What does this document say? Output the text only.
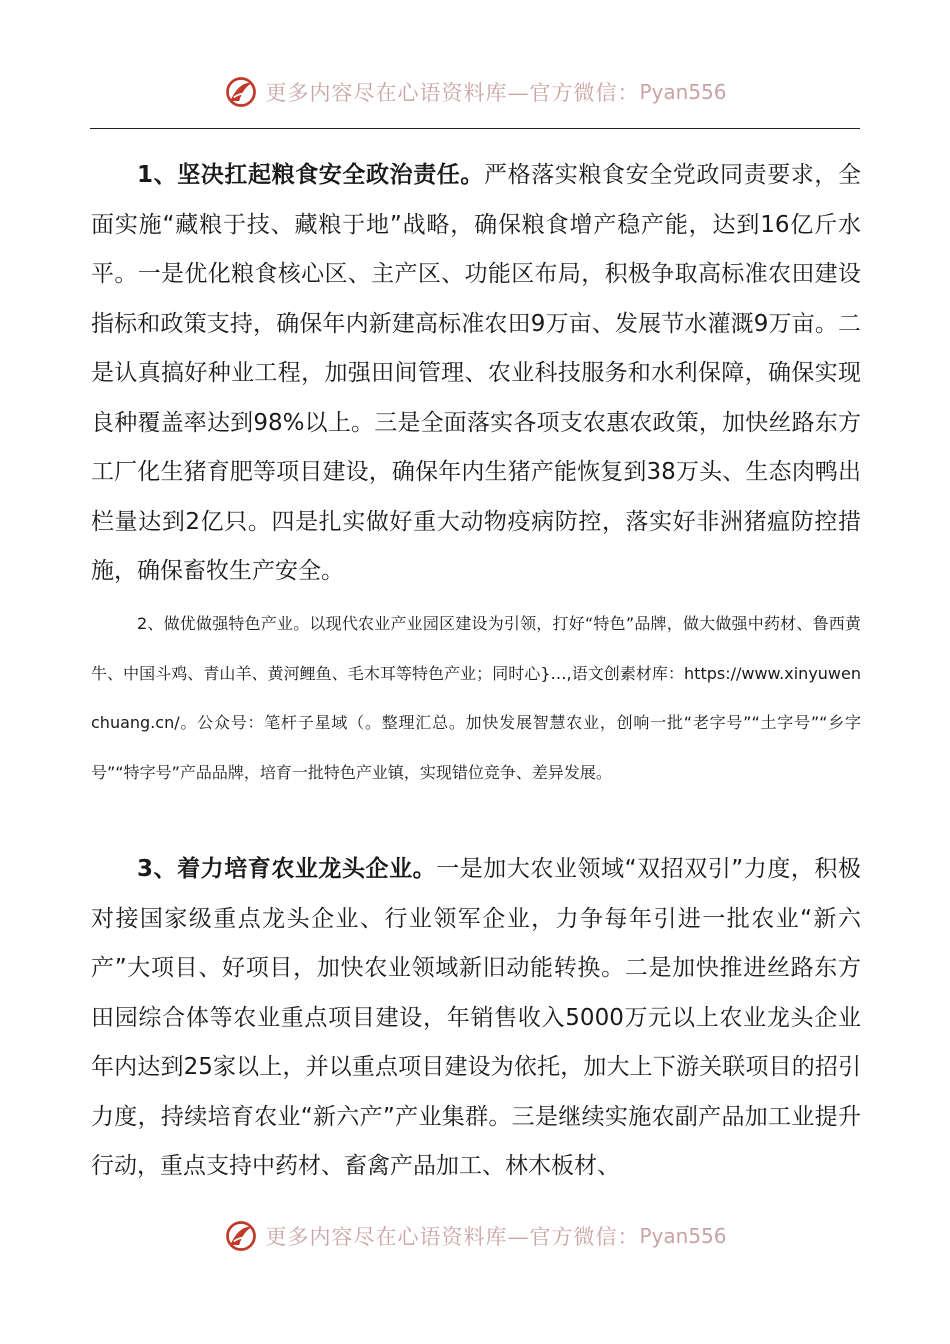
更多内容尽在心语资料库—官方微信： Pyan556

1、坚决扛起粮食安全政治责任。严格落实粮食安全党政同责要求，全面实施“藏粮于技、藏粮于地”战略，确保粮食增产稳产能，达到16亿斤水平。一是优化粮食核心区、主产区、功能区布局，积极争取高标准农田建设指标和政策支持，确保年内新建高标准农田9万亩、发展节水灌溉9万亩。二是认真搞好种业工程，加强田间管理、农业科技服务和水利保障，确保实现良种覆盖率达到98%以上。三是全面落实各项支农惠农政策，加快丝路东方工厂化生猪育肥等项目建设，确保年内生猪产能恢复到38万头、生态肉鸭出栏量达到2亿只。四是扎实做好重大动物疫病防控，落实好非洲猪瘟防控措施，确保畜牧生产安全。

2、做优做强特色产业。以现代农业产业园区建设为引领，打好“特色”品牌，做大做强中药材、鲁西黄牛、中国斗鸡、青山羊、黄河鲤鱼、毛木耳等特色产业；同时心}…,语文创素材库：https://www.xinyuwenchuang.cn/。公众号：笔杆子星域（。整理汇总。加快发展智慧农业，创响一批“老字号”“土字号”“乡字号”“特字号”产品品牌，培育一批特色产业镇，实现错位竞争、差异发展。

3、着力培育农业龙头企业。一是加大农业领域“双招双引”力度，积极对接国家级重点龙头企业、行业领军企业，力争每年引进一批农业“新六产”大项目、好项目，加快农业领域新旧动能转换。二是加快推进丝路东方田园综合体等农业重点项目建设，年销售收入5000万元以上农业龙头企业年内达到25家以上，并以重点项目建设为依托，加大上下游关联项目的招引力度，持续培育农业“新六产”产业集群。三是继续实施农副产品加工业提升行动，重点支持中药材、畜禽产品加工、林木板材、

更多内容尽在心语资料库—官方微信： Pyan556
